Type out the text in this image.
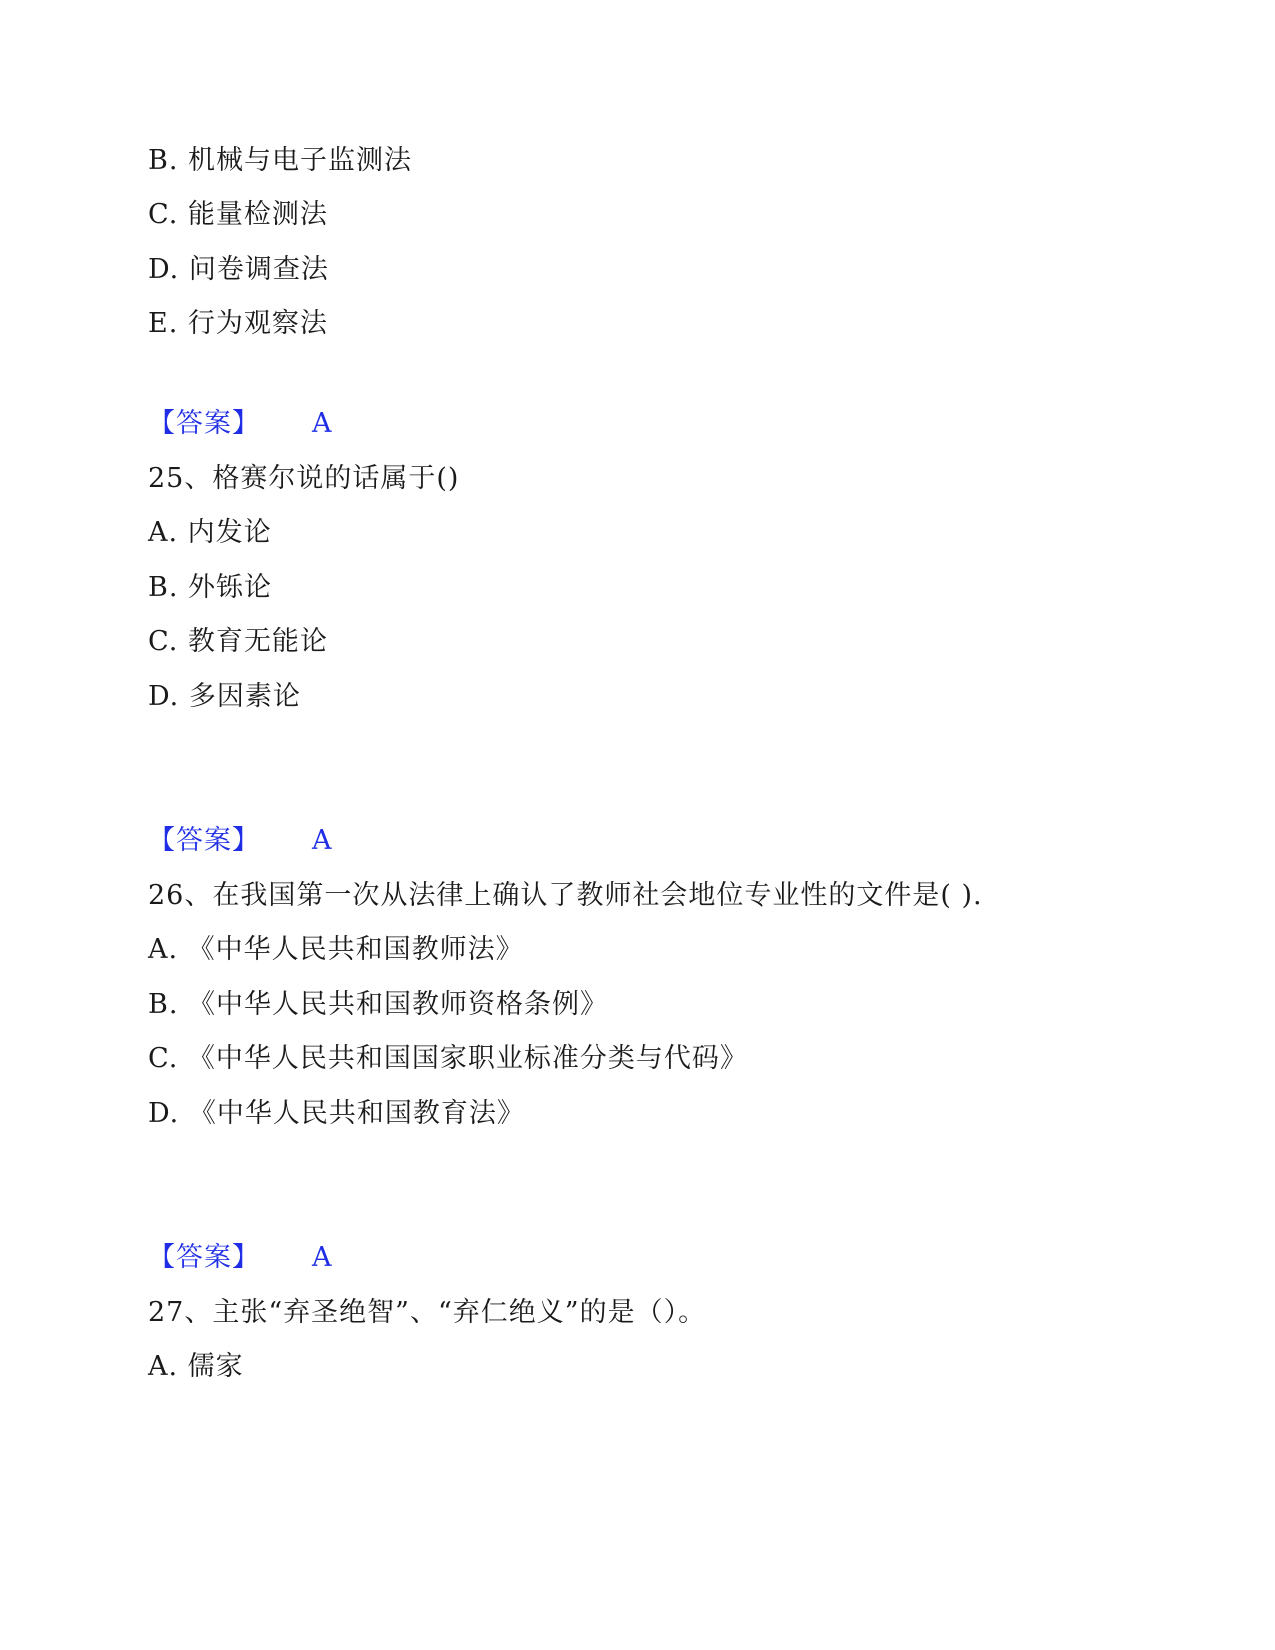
B. 机械与电子监测法
C. 能量检测法
D. 问卷调查法
E. 行为观察法
【答案】 A
25、格赛尔说的话属于()
A. 内发论
B. 外铄论
C. 教育无能论
D. 多因素论
【答案】 A
26、在我国第一次从法律上确认了教师社会地位专业性的文件是( ).
A. 《中华人民共和国教师法》
B. 《中华人民共和国教师资格条例》
C. 《中华人民共和国国家职业标准分类与代码》
D. 《中华人民共和国教育法》
【答案】 A
27、主张“弃圣绝智”、“弃仁绝义”的是（）。
A. 儒家
